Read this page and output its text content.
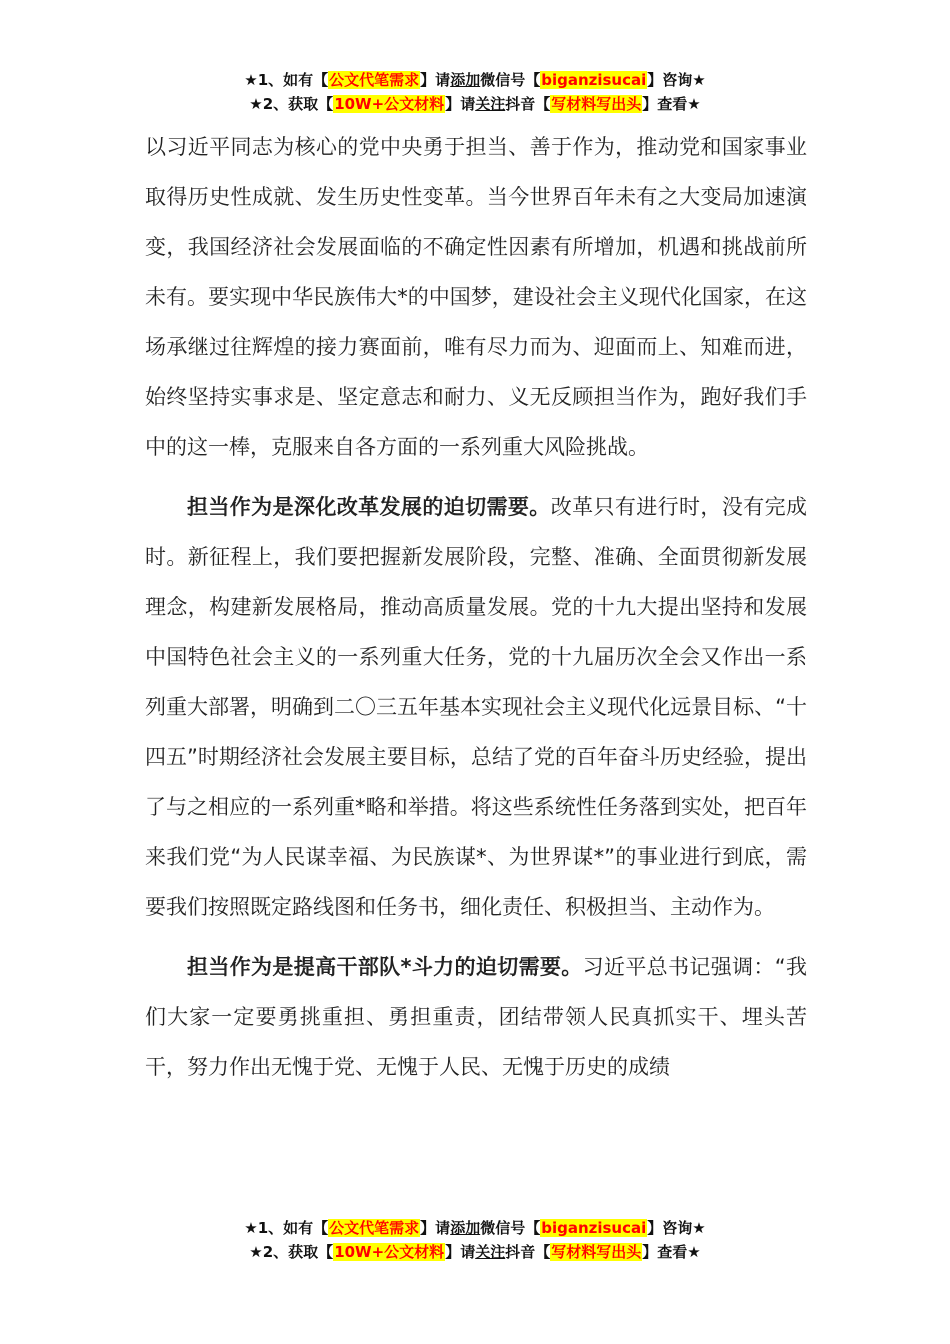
★1、如有【公文代笔需求】请添加微信号【biganzisucai】咨询★
★2、获取【10W+公文材料】请关注抖音【写材料写出头】查看★

以习近平同志为核心的党中央勇于担当、善于作为，推动党和国家事业取得历史性成就、发生历史性变革。当今世界百年未有之大变局加速演变，我国经济社会发展面临的不确定性因素有所增加，机遇和挑战前所未有。要实现中华民族伟大*的中国梦，建设社会主义现代化国家，在这场承继过往辉煌的接力赛面前，唯有尽力而为、迎面而上、知难而进，始终坚持实事求是、坚定意志和耐力、义无反顾担当作为，跑好我们手中的这一棒，克服来自各方面的一系列重大风险挑战。

担当作为是深化改革发展的迫切需要。改革只有进行时，没有完成时。新征程上，我们要把握新发展阶段，完整、准确、全面贯彻新发展理念，构建新发展格局，推动高质量发展。党的十九大提出坚持和发展中国特色社会主义的一系列重大任务，党的十九届历次全会又作出一系列重大部署，明确到二〇三五年基本实现社会主义现代化远景目标、“十四五”时期经济社会发展主要目标，总结了党的百年奋斗历史经验，提出了与之相应的一系列重*略和举措。将这些系统性任务落到实处，把百年来我们党“为人民谋幸福、为民族谋*、为世界谋*”的事业进行到底，需要我们按照既定路线图和任务书，细化责任、积极担当、主动作为。

担当作为是提高干部队*斗力的迫切需要。习近平总书记强调：“我们大家一定要勇挑重担、勇担重责，团结带领人民真抓实干、埋头苦干，努力作出无愧于党、无愧于人民、无愧于历史的成绩

★1、如有【公文代笔需求】请添加微信号【biganzisucai】咨询★
★2、获取【10W+公文材料】请关注抖音【写材料写出头】查看★
